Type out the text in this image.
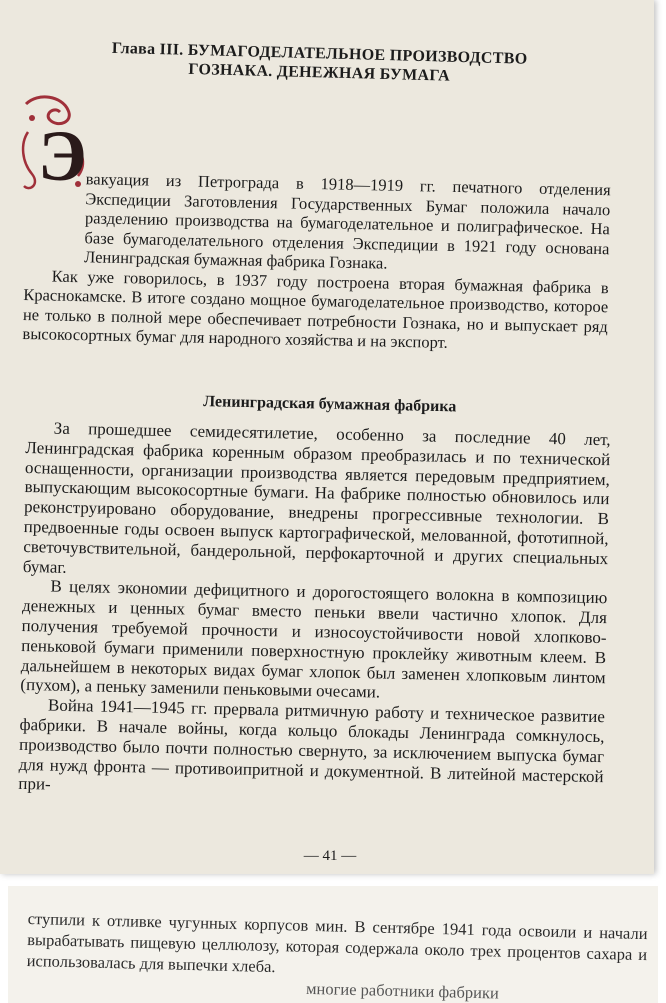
Глава III. БУМАГОДЕЛАТЕЛЬНОЕ ПРОИЗВОДСТВО ГОЗНАКА. ДЕНЕЖНАЯ БУМАГА
Э

вакуация из Петрограда в 1918—1919 гг. печатного отделения Экспедиции Заготовления Государственных Бумаг положила начало разделению производства на бумагоделательное и полиграфическое. На базе бумагоделательного отделения Экспедиции в 1921 году основана Ленинградская бумажная фабрика Гознака.

Как уже говорилось, в 1937 году построена вторая бумажная фабрика в Краснокамске. В итоге создано мощное бумагоделательное производство, которое не только в полной мере обеспечивает потребности Гознака, но и выпускает ряд высокосортных бумаг для народного хозяйства и на экспорт.

Ленинградская бумажная фабрика

За прошедшее семидесятилетие, особенно за последние 40 лет, Ленинградская фабрика коренным образом преобразилась и по технической оснащенности, организации производства является передовым предприятием, выпускающим высокосортные бумаги. На фабрике полностью обновилось или реконструировано оборудование, внедрены прогрессивные технологии. В предвоенные годы освоен выпуск картографической, мелованной, фототипной, светочувствительной, бандерольной, перфокарточной и других специальных бумаг.

В целях экономии дефицитного и дорогостоящего волокна в композицию денежных и ценных бумаг вместо пеньки ввели частично хлопок. Для получения требуемой прочности и износоустойчивости новой хлопково-пеньковой бумаги применили поверхностную проклейку животным клеем. В дальнейшем в некоторых видах бумаг хлопок был заменен хлопковым линтом (пухом), а пеньку заменили пеньковыми очесами.

Война 1941—1945 гг. прервала ритмичную работу и техническое развитие фабрики. В начале войны, когда кольцо блокады Ленинграда сомкнулось, производство было почти полностью свернуто, за исключением выпуска бумаг для нужд фронта — противоипритной и документной. В литейной мастерской при-

— 41 —
ступили к отливке чугунных корпусов мин. В сентябре 1941 года освоили и начали вырабатывать пищевую целлюлозу, которая содержала около трех процентов сахара и использовалась для выпечки хлеба.
многие работники фабрики
